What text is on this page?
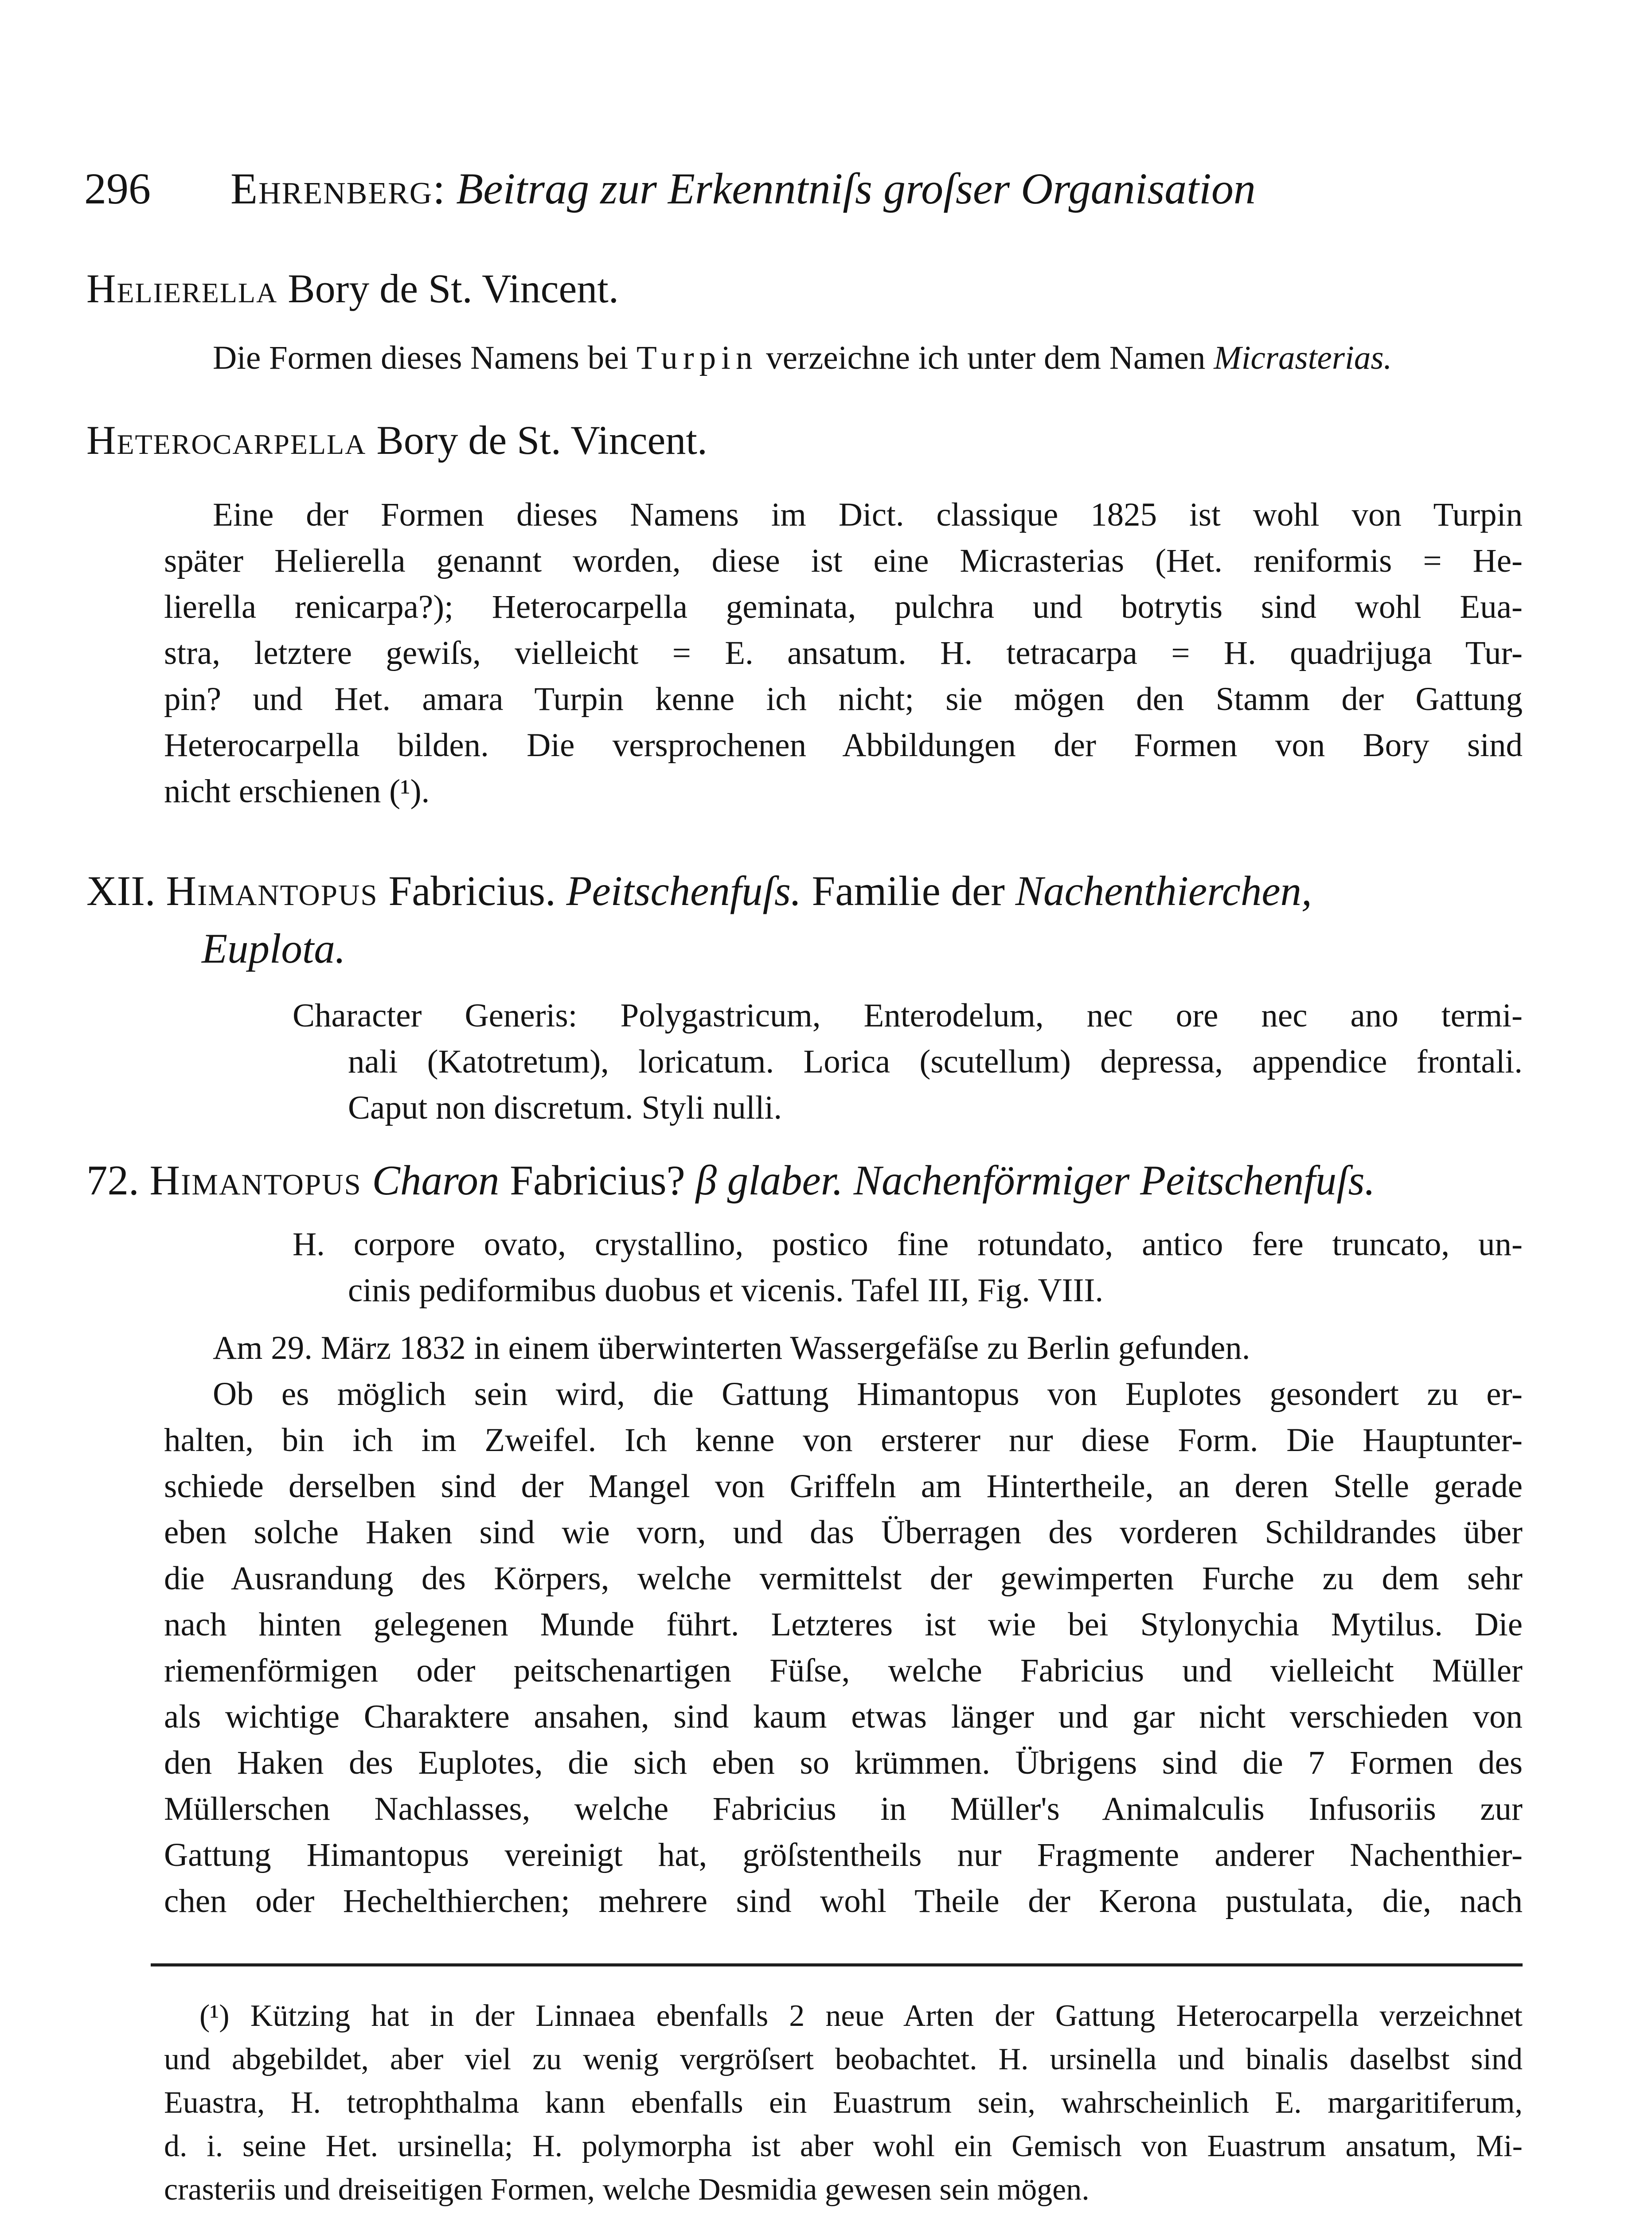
296 Ehrenberg: Beitrag zur Erkenntniſs groſser Organisation
Helierella Bory de St. Vincent.
Die Formen dieses Namens bei Turpin verzeichne ich unter dem Namen Micrasterias.
Heterocarpella Bory de St. Vincent.
Eine der Formen dieses Namens im Dict. classique 1825 ist wohl von Turpin
später Helierella genannt worden, diese ist eine Micrasterias (Het. reniformis = He-
lierella renicarpa?); Heterocarpella geminata, pulchra und botrytis sind wohl Eua-
stra, letztere gewiſs, vielleicht = E. ansatum. H. tetracarpa = H. quadrijuga Tur-
pin? und Het. amara Turpin kenne ich nicht; sie mögen den Stamm der Gattung
Heterocarpella bilden. Die versprochenen Abbildungen der Formen von Bory sind
nicht erschienen (¹).
XII. Himantopus Fabricius. Peitschenfuſs. Familie der Nachenthierchen,
Euplota.
Character Generis: Polygastricum, Enterodelum, nec ore nec ano termi-
nali (Katotretum), loricatum. Lorica (scutellum) depressa, appendice frontali.
Caput non discretum. Styli nulli.
72. Himantopus Charon Fabricius? β glaber. Nachenförmiger Peitschenfuſs.
H. corpore ovato, crystallino, postico fine rotundato, antico fere truncato, un-
cinis pediformibus duobus et vicenis. Tafel III, Fig. VIII.
Am 29. März 1832 in einem überwinterten Wassergefäſse zu Berlin gefunden.
Ob es möglich sein wird, die Gattung Himantopus von Euplotes gesondert zu er-
halten, bin ich im Zweifel. Ich kenne von ersterer nur diese Form. Die Hauptunter-
schiede derselben sind der Mangel von Griffeln am Hintertheile, an deren Stelle gerade
eben solche Haken sind wie vorn, und das Überragen des vorderen Schildrandes über
die Ausrandung des Körpers, welche vermittelst der gewimperten Furche zu dem sehr
nach hinten gelegenen Munde führt. Letzteres ist wie bei Stylonychia Mytilus. Die
riemenförmigen oder peitschenartigen Füſse, welche Fabricius und vielleicht Müller
als wichtige Charaktere ansahen, sind kaum etwas länger und gar nicht verschieden von
den Haken des Euplotes, die sich eben so krümmen. Übrigens sind die 7 Formen des
Müllerschen Nachlasses, welche Fabricius in Müller's Animalculis Infusoriis zur
Gattung Himantopus vereinigt hat, gröſstentheils nur Fragmente anderer Nachenthier-
chen oder Hechelthierchen; mehrere sind wohl Theile der Kerona pustulata, die, nach
(¹) Kützing hat in der Linnaea ebenfalls 2 neue Arten der Gattung Heterocarpella verzeichnet
und abgebildet, aber viel zu wenig vergröſsert beobachtet. H. ursinella und binalis daselbst sind
Euastra, H. tetrophthalma kann ebenfalls ein Euastrum sein, wahrscheinlich E. margaritiferum,
d. i. seine Het. ursinella; H. polymorpha ist aber wohl ein Gemisch von Euastrum ansatum, Mi-
crasteriis und dreiseitigen Formen, welche Desmidia gewesen sein mögen.
